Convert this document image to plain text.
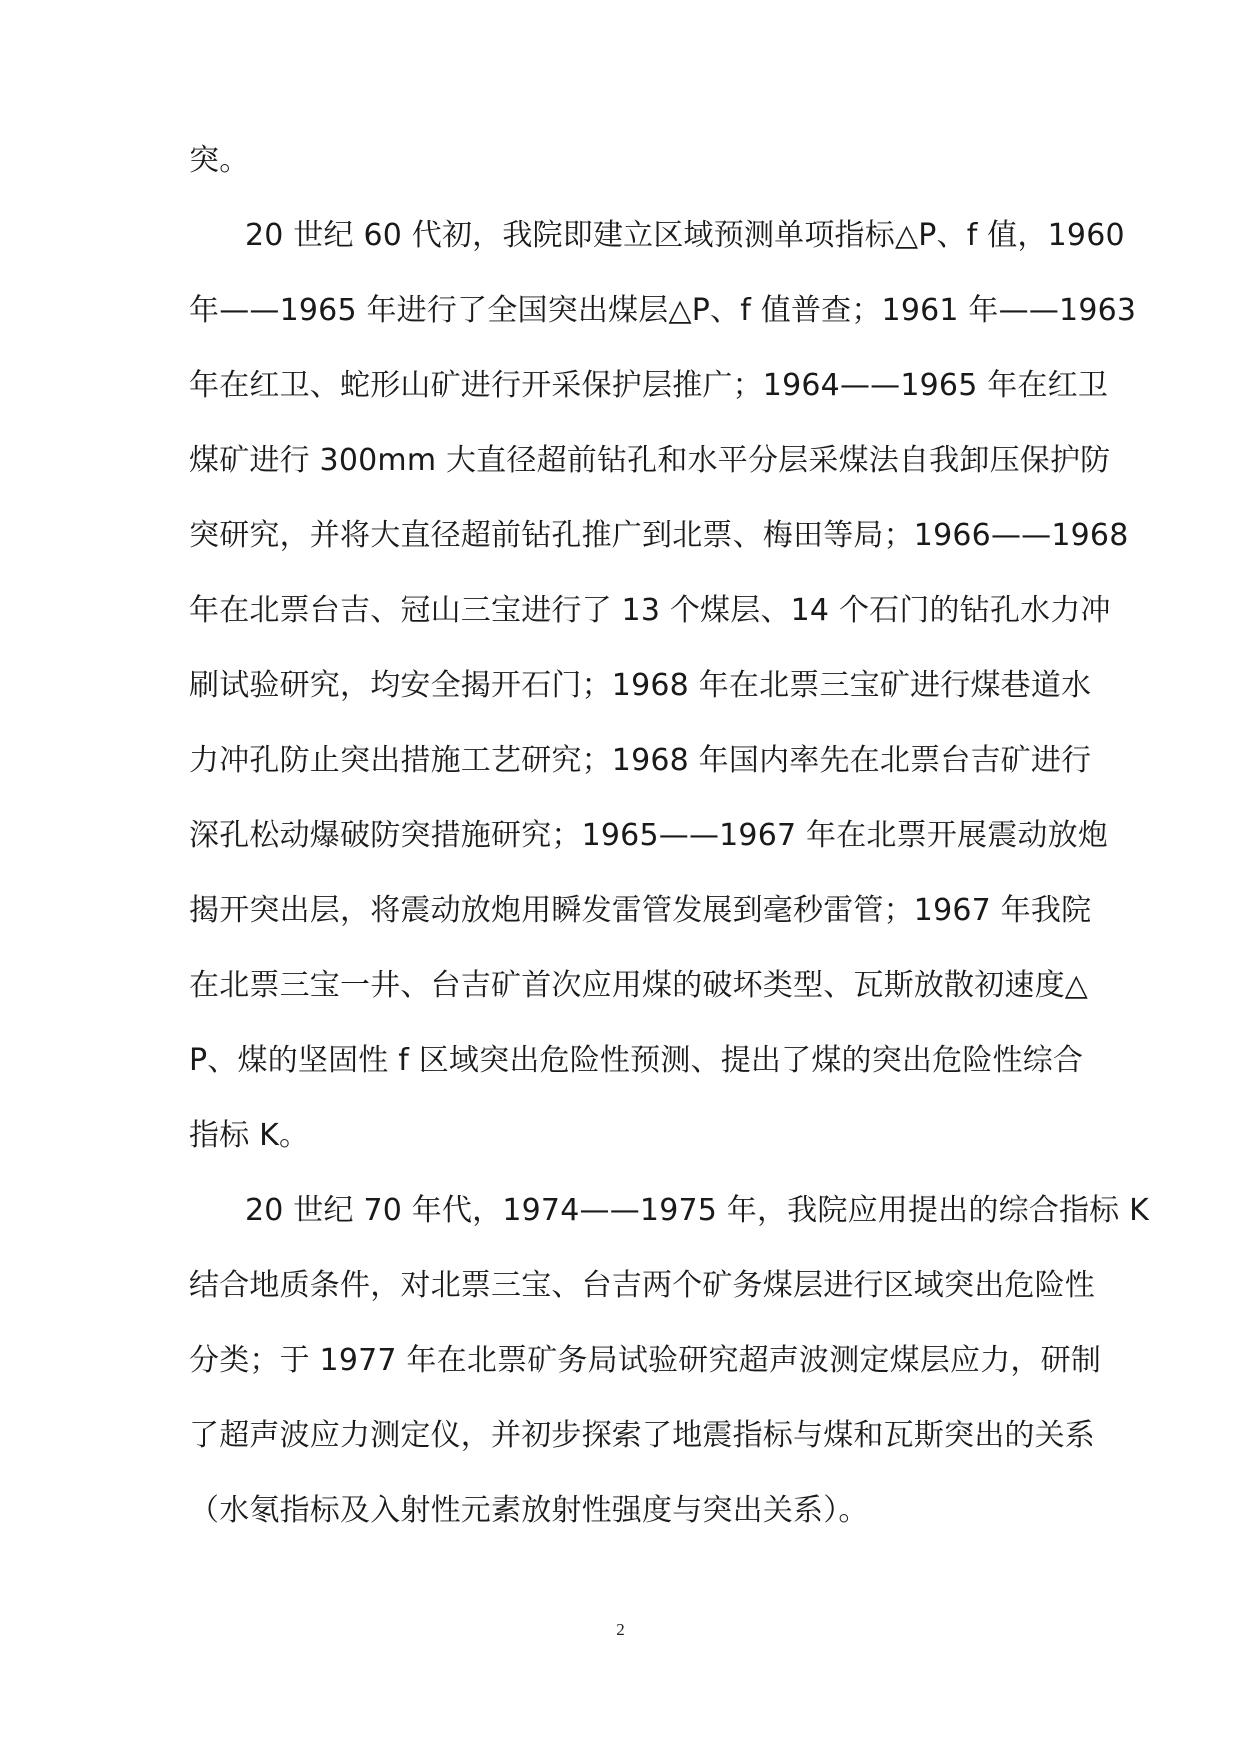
突。
20 世纪 60 代初，我院即建立区域预测单项指标△P、f 值，1960
年——1965 年进行了全国突出煤层△P、f 值普查；1961 年——1963
年在红卫、蛇形山矿进行开采保护层推广；1964——1965 年在红卫
煤矿进行 300mm 大直径超前钻孔和水平分层采煤法自我卸压保护防
突研究，并将大直径超前钻孔推广到北票、梅田等局；1966——1968
年在北票台吉、冠山三宝进行了 13 个煤层、14 个石门的钻孔水力冲
刷试验研究，均安全揭开石门；1968 年在北票三宝矿进行煤巷道水
力冲孔防止突出措施工艺研究；1968 年国内率先在北票台吉矿进行
深孔松动爆破防突措施研究；1965——1967 年在北票开展震动放炮
揭开突出层，将震动放炮用瞬发雷管发展到毫秒雷管；1967 年我院
在北票三宝一井、台吉矿首次应用煤的破坏类型、瓦斯放散初速度△
P、煤的坚固性 f 区域突出危险性预测、提出了煤的突出危险性综合
指标 K。
20 世纪 70 年代，1974——1975 年，我院应用提出的综合指标 K
结合地质条件，对北票三宝、台吉两个矿务煤层进行区域突出危险性
分类；于 1977 年在北票矿务局试验研究超声波测定煤层应力，研制
了超声波应力测定仪，并初步探索了地震指标与煤和瓦斯突出的关系
（水氡指标及入射性元素放射性强度与突出关系）。
2
